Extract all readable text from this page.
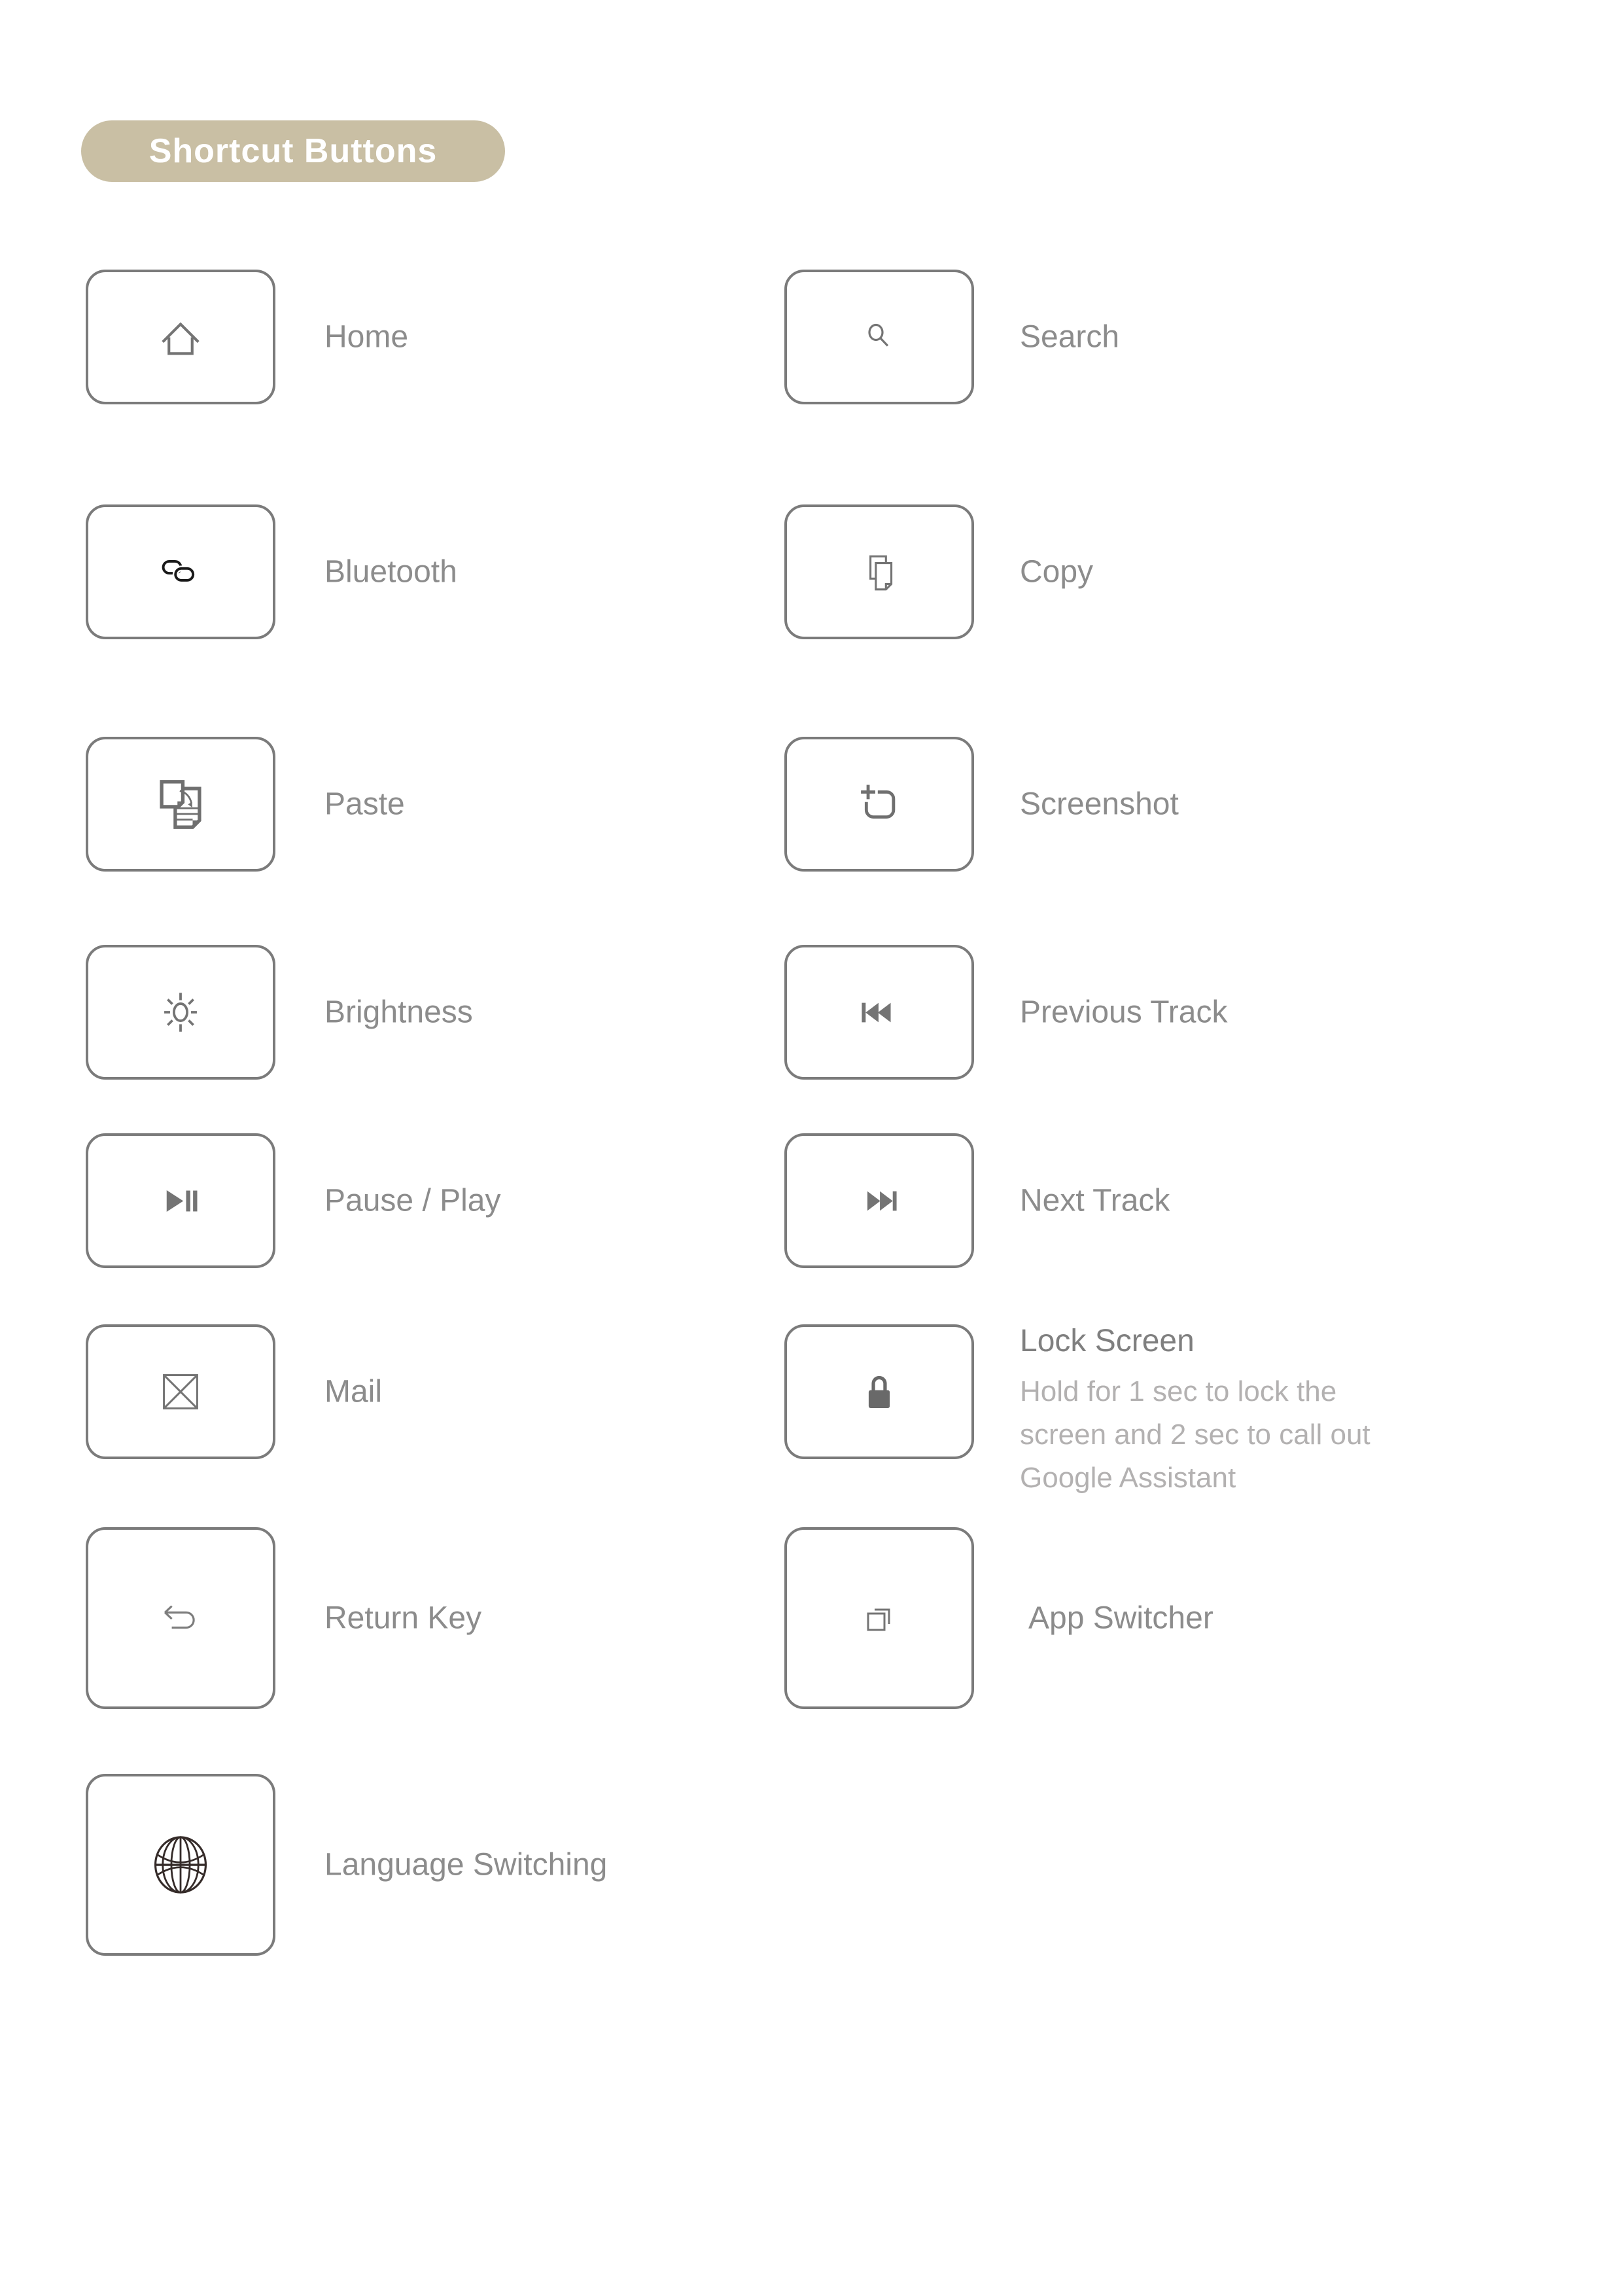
Shortcut Buttons
Home	Search
Bluetooth	Copy
Paste	Screenshot
Brightness	Previous Track
Pause / Play	Next Track
Mail
Lock Screen
Hold for 1 sec to lock the screen and 2 sec to call out Google Assistant
Return Key	App Switcher
Language Switching
